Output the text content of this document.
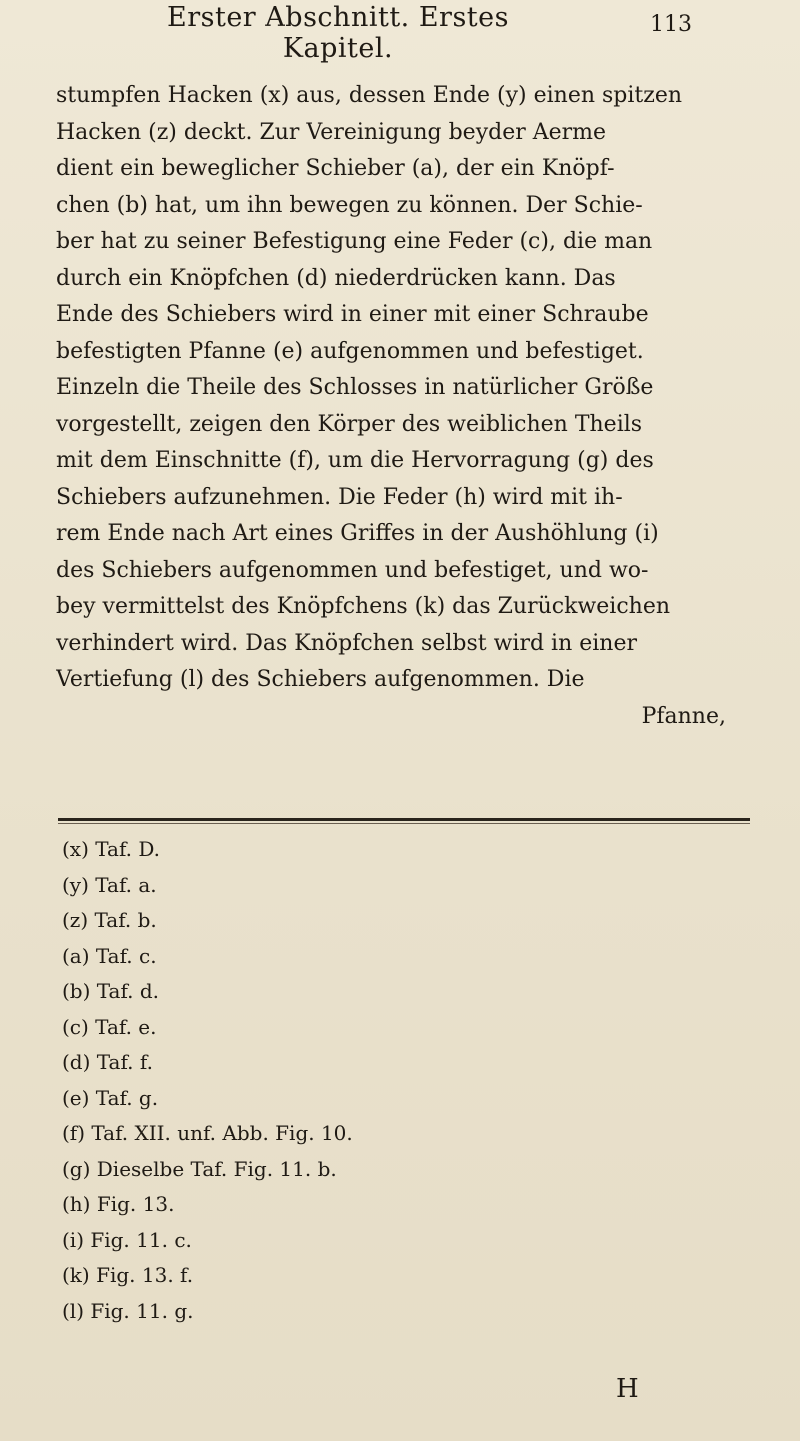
Erster Abschnitt. Erstes Kapitel.
113
stumpfen Hacken (x) aus, dessen Ende (y) einen spitzen
Hacken (z) deckt. Zur Vereinigung beyder Aerme
dient ein beweglicher Schieber (a), der ein Knöpf-
chen (b) hat, um ihn bewegen zu können. Der Schie-
ber hat zu seiner Befestigung eine Feder (c), die man
durch ein Knöpfchen (d) niederdrücken kann. Das
Ende des Schiebers wird in einer mit einer Schraube
befestigten Pfanne (e) aufgenommen und befestiget.
Einzeln die Theile des Schlosses in natürlicher Größe
vorgestellt, zeigen den Körper des weiblichen Theils
mit dem Einschnitte (f), um die Hervorragung (g) des
Schiebers aufzunehmen. Die Feder (h) wird mit ih-
rem Ende nach Art eines Griffes in der Aushöhlung (i)
des Schiebers aufgenommen und befestiget, und wo-
bey vermittelst des Knöpfchens (k) das Zurückweichen
verhindert wird. Das Knöpfchen selbst wird in einer
Vertiefung (l) des Schiebers aufgenommen. Die
Pfanne,
(x) Taf. D.
(y) Taf. a.
(z) Taf. b.
(a) Taf. c.
(b) Taf. d.
(c) Taf. e.
(d) Taf. f.
(e) Taf. g.
(f) Taf. XII. unf. Abb. Fig. 10.
(g) Dieselbe Taf. Fig. 11. b.
(h) Fig. 13.
(i) Fig. 11. c.
(k) Fig. 13. f.
(l) Fig. 11. g.
H
